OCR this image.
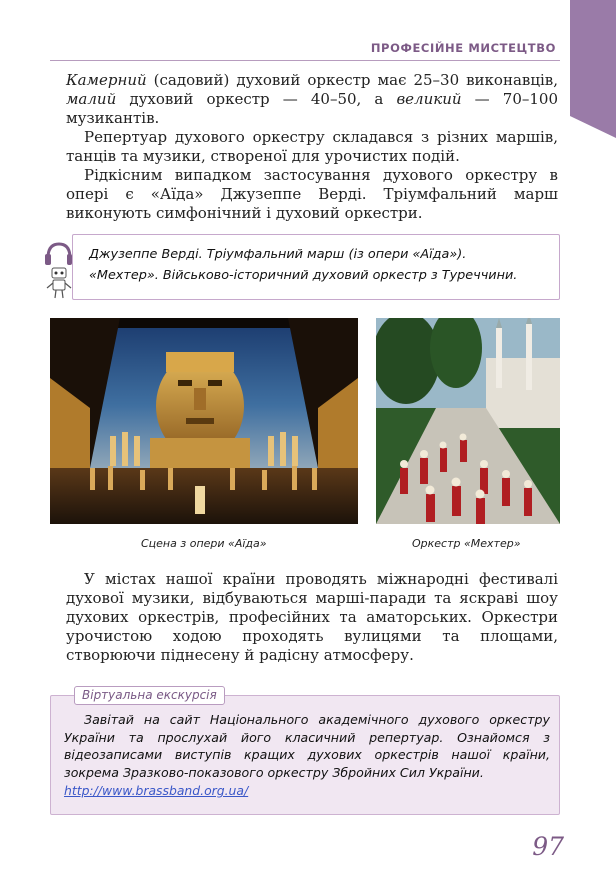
ПРОФЕСІЙНЕ МИСТЕЦТВО

Камерний (садовий) духовий оркестр має 25–30 виконавців, малий духовий оркестр — 40–50, а великий — 70–100 музикантів.

Репертуар духового оркестру складався з різних маршів, танців та музики, створеної для урочистих подій.

Рідкісним випадком застосування духового оркестру в опері є «Аїда» Джузеппе Верді. Тріумфальний марш виконують симфонічний і духовий оркестри.

Джузеппе Верді. Тріумфальний марш (із опери «Аїда»).
«Мехтер». Військово-історичний духовий оркестр з Туреччини.
Сцена з опери «Аїда»	Оркестр «Мехтер»

У містах нашої країни проводять міжнародні фестивалі духової музики, відбуваються марші-паради та яскраві шоу духових оркестрів, професійних та аматорських. Оркестри урочистою ходою проходять вулицями та площами, створюючи піднесену й радісну атмосферу.

Віртуальна екскурсія

Завітай на сайт Національного академічного духового оркестру України та прослухай його класичний репертуар. Ознайомся з відеозаписами виступів кращих духових оркестрів нашої країни, зокрема Зразково-показового оркестру Збройних Сил України.

http://www.brassband.org.ua/
97
